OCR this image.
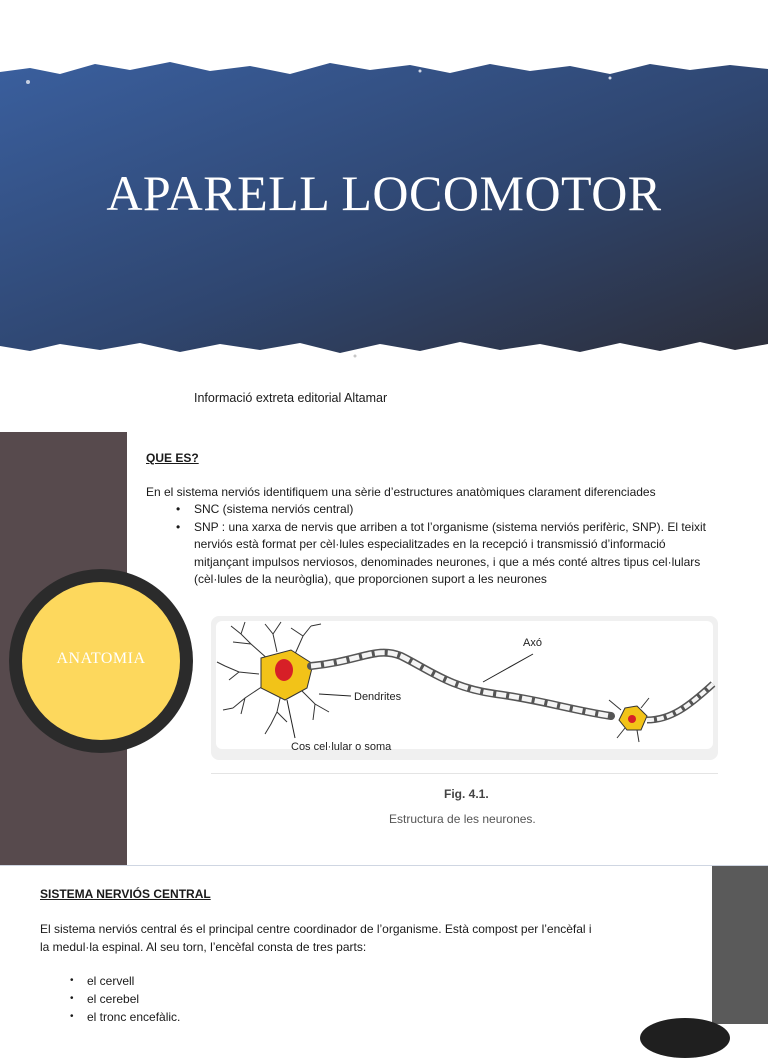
APARELL LOCOMOTOR
Informació extreta editorial Altamar
ANATOMIA
QUE ES?
En el sistema nerviós identifiquem una sèrie d’estructures anatòmiques clarament diferenciades
• SNC (sistema nerviós central)
• SNP : una xarxa de nervis que arriben a tot l’organisme (sistema nerviós perifèric, SNP). El teixit nerviós està format per cèl·lules especialitzades en la recepció i transmissió d’informació mitjançant impulsos nerviosos, denominades neurones, i que a més conté altres tipus cel·lulars (cèl·lules de la neuròglia), que proporcionen suport a les neurones
Axó
Dendrites
Cos cel·lular o soma
Fig. 4.1.
Estructura de les neurones.
SISTEMA NERVIÓS CENTRAL

El sistema nerviós central és el principal centre coordinador de l’organisme. Està compost per l’encèfal i
la medul·la espinal. Al seu torn, l’encèfal consta de tres parts:

• el cervell
• el cerebel
• el tronc encefàlic.
